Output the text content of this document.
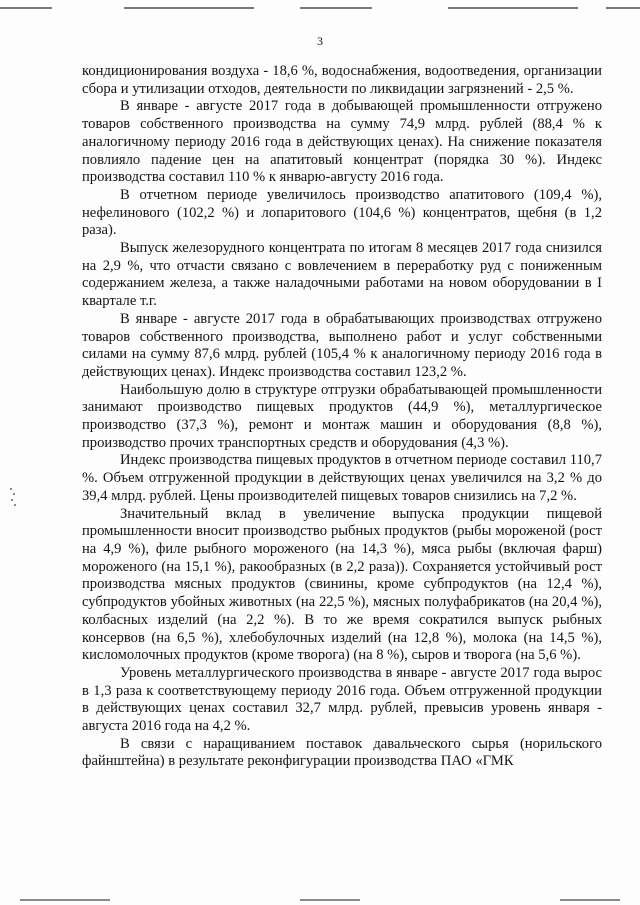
3

кондиционирования воздуха - 18,6 %, водоснабжения, водоотведения, организации сбора и утилизации отходов, деятельности по ликвидации загрязнений - 2,5 %.

В январе - августе 2017 года в добывающей промышленности отгружено товаров собственного производства на сумму 74,9 млрд. рублей (88,4 % к аналогичному периоду 2016 года в действующих ценах). На снижение показателя повлияло падение цен на апатитовый концентрат (порядка 30 %). Индекс производства составил 110 % к январю-августу 2016 года.

В отчетном периоде увеличилось производство апатитового (109,4 %), нефелинового (102,2 %) и лопаритового (104,6 %) концентратов, щебня (в 1,2 раза).

Выпуск железорудного концентрата по итогам 8 месяцев 2017 года снизился на 2,9 %, что отчасти связано с вовлечением в переработку руд с пониженным содержанием железа, а также наладочными работами на новом оборудовании в I квартале т.г.

В январе - августе 2017 года в обрабатывающих производствах отгружено товаров собственного производства, выполнено работ и услуг собственными силами на сумму 87,6 млрд. рублей (105,4 % к аналогичному периоду 2016 года в действующих ценах). Индекс производства составил 123,2 %.

Наибольшую долю в структуре отгрузки обрабатывающей промышленности занимают производство пищевых продуктов (44,9 %), металлургическое производство (37,3 %), ремонт и монтаж машин и оборудования (8,8 %), производство прочих транспортных средств и оборудования (4,3 %).

Индекс производства пищевых продуктов в отчетном периоде составил 110,7 %. Объем отгруженной продукции в действующих ценах увеличился на 3,2 % до 39,4 млрд. рублей. Цены производителей пищевых товаров снизились на 7,2 %.

Значительный вклад в увеличение выпуска продукции пищевой промышленности вносит производство рыбных продуктов (рыбы мороженой (рост на 4,9 %), филе рыбного мороженого (на 14,3 %), мяса рыбы (включая фарш) мороженого (на 15,1 %), ракообразных (в 2,2 раза)). Сохраняется устойчивый рост производства мясных продуктов (свинины, кроме субпродуктов (на 12,4 %), субпродуктов убойных животных (на 22,5 %), мясных полуфабрикатов (на 20,4 %), колбасных изделий (на 2,2 %). В то же время сократился выпуск рыбных консервов (на 6,5 %), хлебобулочных изделий (на 12,8 %), молока (на 14,5 %), кисломолочных продуктов (кроме творога) (на 8 %), сыров и творога (на 5,6 %).

Уровень металлургического производства в январе - августе 2017 года вырос в 1,3 раза к соответствующему периоду 2016 года. Объем отгруженной продукции в действующих ценах составил 32,7 млрд. рублей, превысив уровень января - августа 2016 года на 4,2 %.

В связи с наращиванием поставок давальческого сырья (норильского файнштейна) в результате реконфигурации производства ПАО «ГМК
